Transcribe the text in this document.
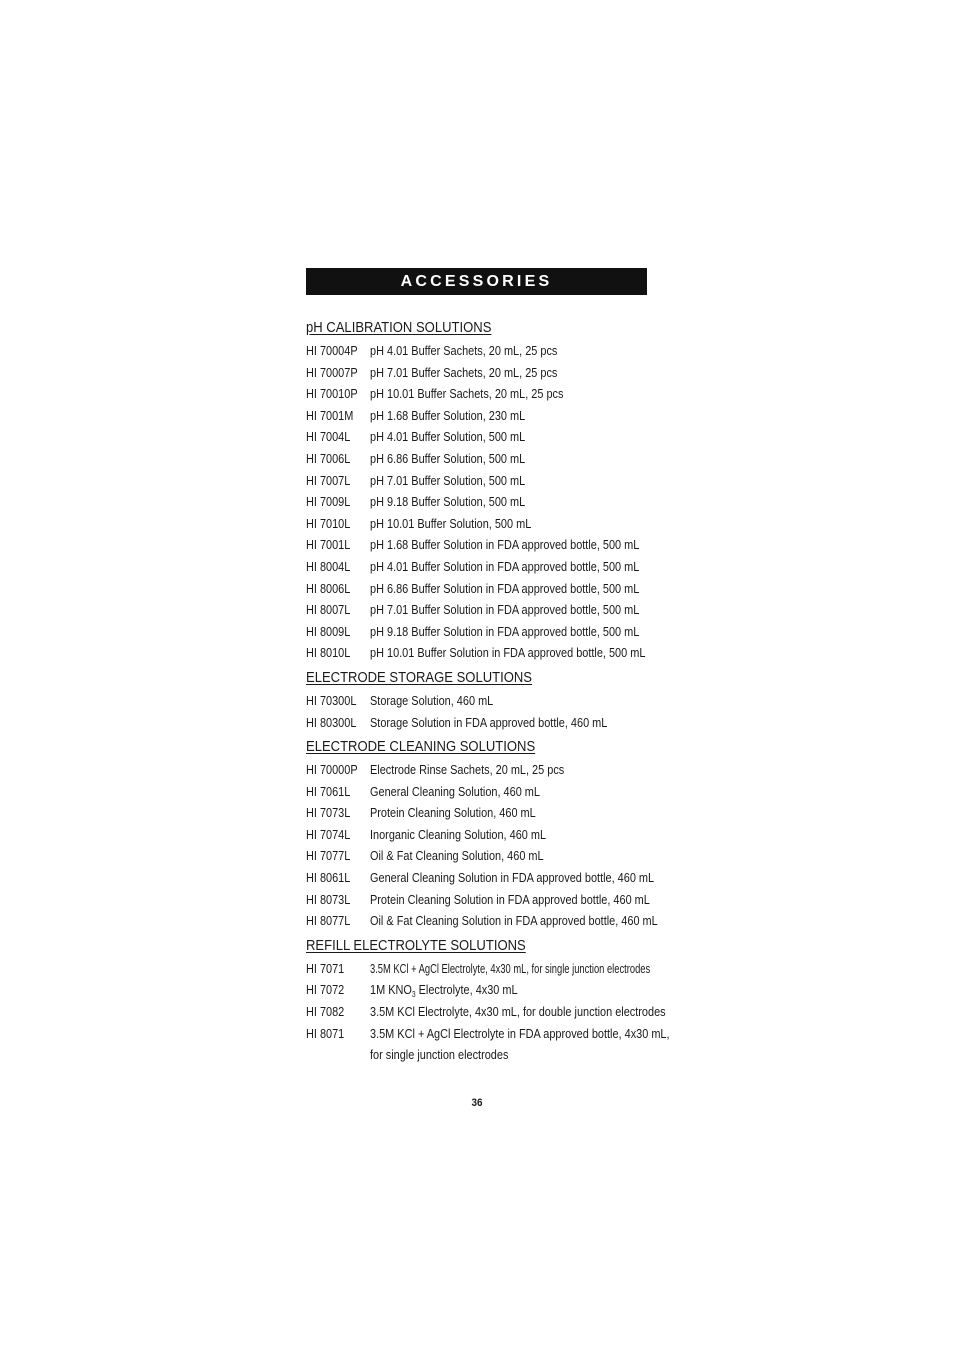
ACCESSORIES
pH CALIBRATION SOLUTIONS
HI 70004P pH 4.01 Buffer Sachets, 20 mL, 25 pcs
HI 70007P pH 7.01 Buffer Sachets, 20 mL, 25 pcs
HI 70010P pH 10.01 Buffer Sachets, 20 mL, 25 pcs
HI 7001M	pH 1.68 Buffer Solution, 230 mL
HI 7004L	pH 4.01 Buffer Solution, 500 mL
HI 7006L	pH 6.86 Buffer Solution, 500 mL
HI 7007L	pH 7.01 Buffer Solution, 500 mL
HI 7009L	pH 9.18 Buffer Solution, 500 mL
HI 7010L	pH 10.01 Buffer Solution, 500 mL
HI 7001L	pH 1.68 Buffer Solution in FDA approved bottle, 500 mL
HI 8004L	pH 4.01 Buffer Solution in FDA approved bottle, 500 mL
HI 8006L	pH 6.86 Buffer Solution in FDA approved bottle, 500 mL
HI 8007L	pH 7.01 Buffer Solution in FDA approved bottle, 500 mL
HI 8009L	pH 9.18 Buffer Solution in FDA approved bottle, 500 mL
HI 8010L	pH 10.01 Buffer Solution in FDA approved bottle, 500 mL
ELECTRODE STORAGE SOLUTIONS
HI 70300L Storage Solution, 460 mL
HI 80300L Storage Solution in FDA approved bottle, 460 mL
ELECTRODE CLEANING SOLUTIONS
HI 70000P Electrode Rinse Sachets, 20 mL, 25 pcs
HI 7061L	General Cleaning Solution, 460 mL
HI 7073L	Protein Cleaning Solution, 460 mL
HI 7074L	Inorganic Cleaning Solution, 460 mL
HI 7077L	Oil & Fat Cleaning Solution, 460 mL
HI 8061L	General Cleaning Solution in FDA approved bottle, 460 mL
HI 8073L	Protein Cleaning Solution in FDA approved bottle, 460 mL
HI 8077L	Oil & Fat Cleaning Solution in FDA approved bottle, 460 mL
REFILL ELECTROLYTE SOLUTIONS
HI 7071	3.5M KCl + AgCl Electrolyte, 4x30 mL, for single junction electrodes
HI 7072	1M $KNO_3$ Electrolyte, 4x30 mL
HI 7082	3.5M KCl Electrolyte, 4x30 mL, for double junction electrodes
HI 8071	3.5M KCl + AgCl Electrolyte in FDA approved bottle, 4x30 mL,
for single junction electrodes
36
